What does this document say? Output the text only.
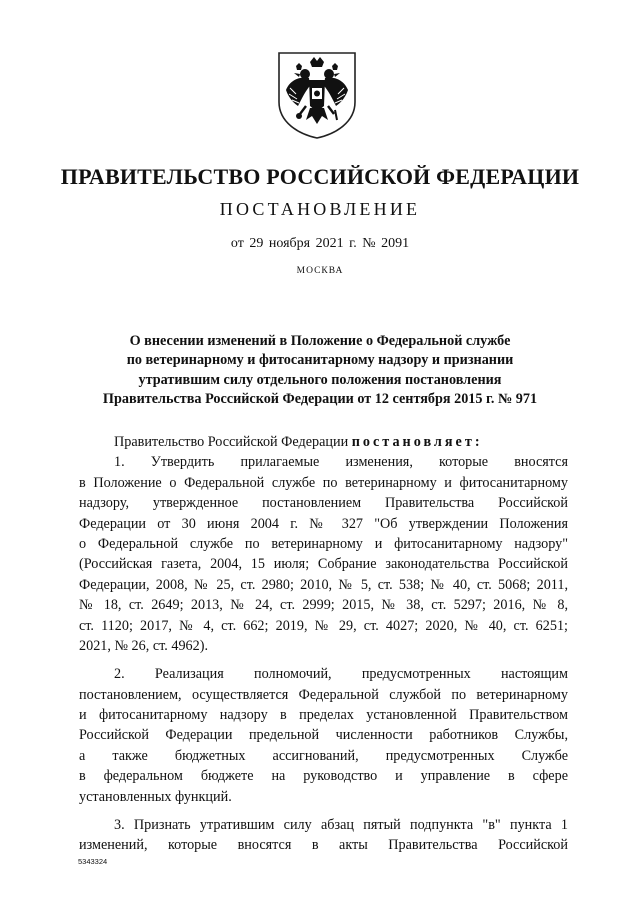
ПРАВИТЕЛЬСТВО РОССИЙСКОЙ ФЕДЕРАЦИИ
ПОСТАНОВЛЕНИЕ
от 29 ноября 2021 г. № 2091
МОСКВА
О внесении изменений в Положение о Федеральной службе
по ветеринарному и фитосанитарному надзору и признании
утратившим силу отдельного положения постановления
Правительства Российской Федерации от 12 сентября 2015 г. № 971
Правительство Российской Федерации постановляет:
1. Утвердить прилагаемые изменения, которые вносятся
в Положение о Федеральной службе по ветеринарному и фитосанитарному
надзору, утвержденное постановлением Правительства Российской
Федерации от 30 июня 2004 г. № 327 "Об утверждении Положения
о Федеральной службе по ветеринарному и фитосанитарному надзору"
(Российская газета, 2004, 15 июля; Собрание законодательства Российской
Федерации, 2008, № 25, ст. 2980; 2010, № 5, ст. 538; № 40, ст. 5068; 2011,
№ 18, ст. 2649; 2013, № 24, ст. 2999; 2015, № 38, ст. 5297; 2016, № 8,
ст. 1120; 2017, № 4, ст. 662; 2019, № 29, ст. 4027; 2020, № 40, ст. 6251;
2021, № 26, ст. 4962).
2. Реализация полномочий, предусмотренных настоящим
постановлением, осуществляется Федеральной службой по ветеринарному
и фитосанитарному надзору в пределах установленной Правительством
Российской Федерации предельной численности работников Службы,
а также бюджетных ассигнований, предусмотренных Службе
в федеральном бюджете на руководство и управление в сфере
установленных функций.
3. Признать утратившим силу абзац пятый подпункта "в" пункта 1
изменений, которые вносятся в акты Правительства Российской
5343324
